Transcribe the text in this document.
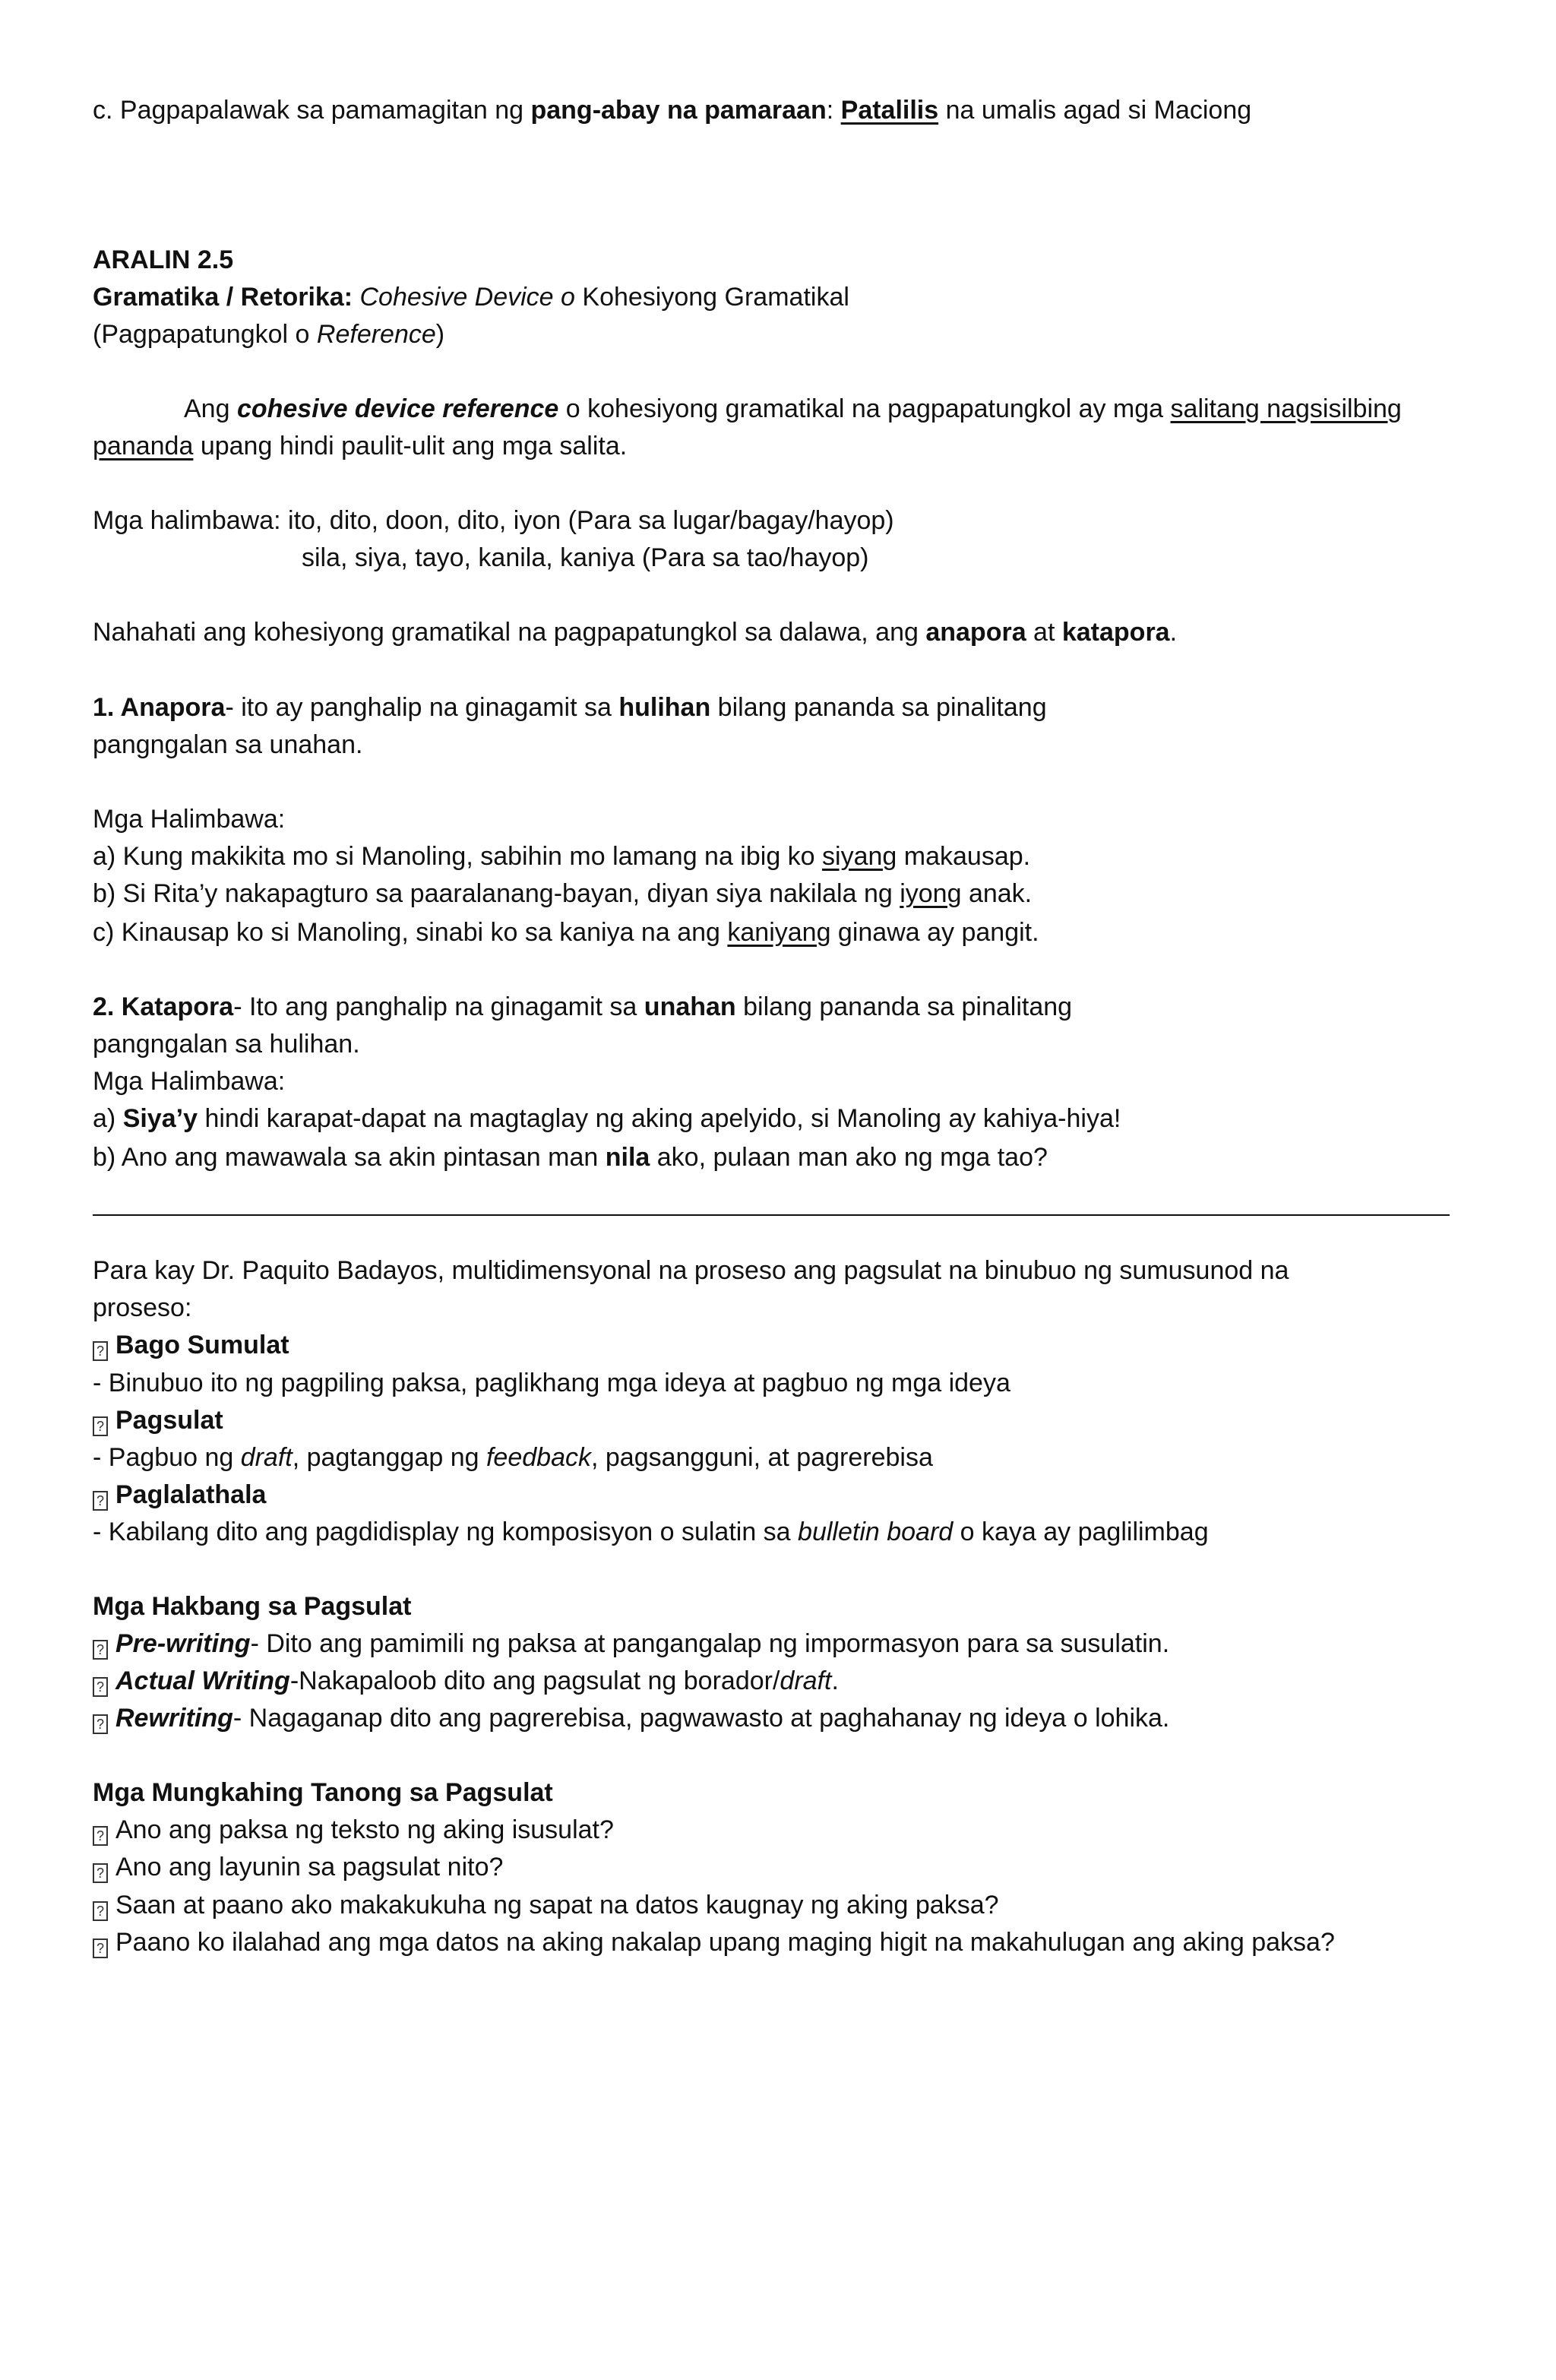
c. Pagpapalawak sa pamamagitan ng pang-abay na pamaraan: Patalilis na umalis agad si Maciong
ARALIN 2.5
Gramatika / Retorika: Cohesive Device o Kohesiyong Gramatikal
(Pagpapatungkol o Reference)
Ang cohesive device reference o kohesiyong gramatikal na pagpapatungkol ay mga salitang nagsisilbing
pananda upang hindi paulit-ulit ang mga salita.
Mga halimbawa: ito, dito, doon, dito, iyon (Para sa lugar/bagay/hayop)
sila, siya, tayo, kanila, kaniya (Para sa tao/hayop)
Nahahati ang kohesiyong gramatikal na pagpapatungkol sa dalawa, ang anapora at katapora.
1. Anapora- ito ay panghalip na ginagamit sa hulihan bilang pananda sa pinalitang
pangngalan sa unahan.
Mga Halimbawa:
a) Kung makikita mo si Manoling, sabihin mo lamang na ibig ko siyang makausap.
b) Si Rita’y nakapagturo sa paaralanang-bayan, diyan siya nakilala ng iyong anak.
c) Kinausap ko si Manoling, sinabi ko sa kaniya na ang kaniyang ginawa ay pangit.
2. Katapora- Ito ang panghalip na ginagamit sa unahan bilang pananda sa pinalitang
pangngalan sa hulihan.
Mga Halimbawa:
a) Siya’y hindi karapat-dapat na magtaglay ng aking apelyido, si Manoling ay kahiya-hiya!
b) Ano ang mawawala sa akin pintasan man nila ako, pulaan man ako ng mga tao?
Para kay Dr. Paquito Badayos, multidimensyonal na proseso ang pagsulat na binubuo ng sumusunod na
proseso:
? Bago Sumulat
- Binubuo ito ng pagpiling paksa, paglikhang mga ideya at pagbuo ng mga ideya
? Pagsulat
- Pagbuo ng draft, pagtanggap ng feedback, pagsangguni, at pagrerebisa
? Paglalathala
- Kabilang dito ang pagdidisplay ng komposisyon o sulatin sa bulletin board o kaya ay paglilimbag
Mga Hakbang sa Pagsulat
? Pre-writing- Dito ang pamimili ng paksa at pangangalap ng impormasyon para sa susulatin.
? Actual Writing-Nakapaloob dito ang pagsulat ng borador/draft.
? Rewriting- Nagaganap dito ang pagrerebisa, pagwawasto at paghahanay ng ideya o lohika.
Mga Mungkahing Tanong sa Pagsulat
? Ano ang paksa ng teksto ng aking isusulat?
? Ano ang layunin sa pagsulat nito?
? Saan at paano ako makakukuha ng sapat na datos kaugnay ng aking paksa?
? Paano ko ilalahad ang mga datos na aking nakalap upang maging higit na makahulugan ang aking paksa?
